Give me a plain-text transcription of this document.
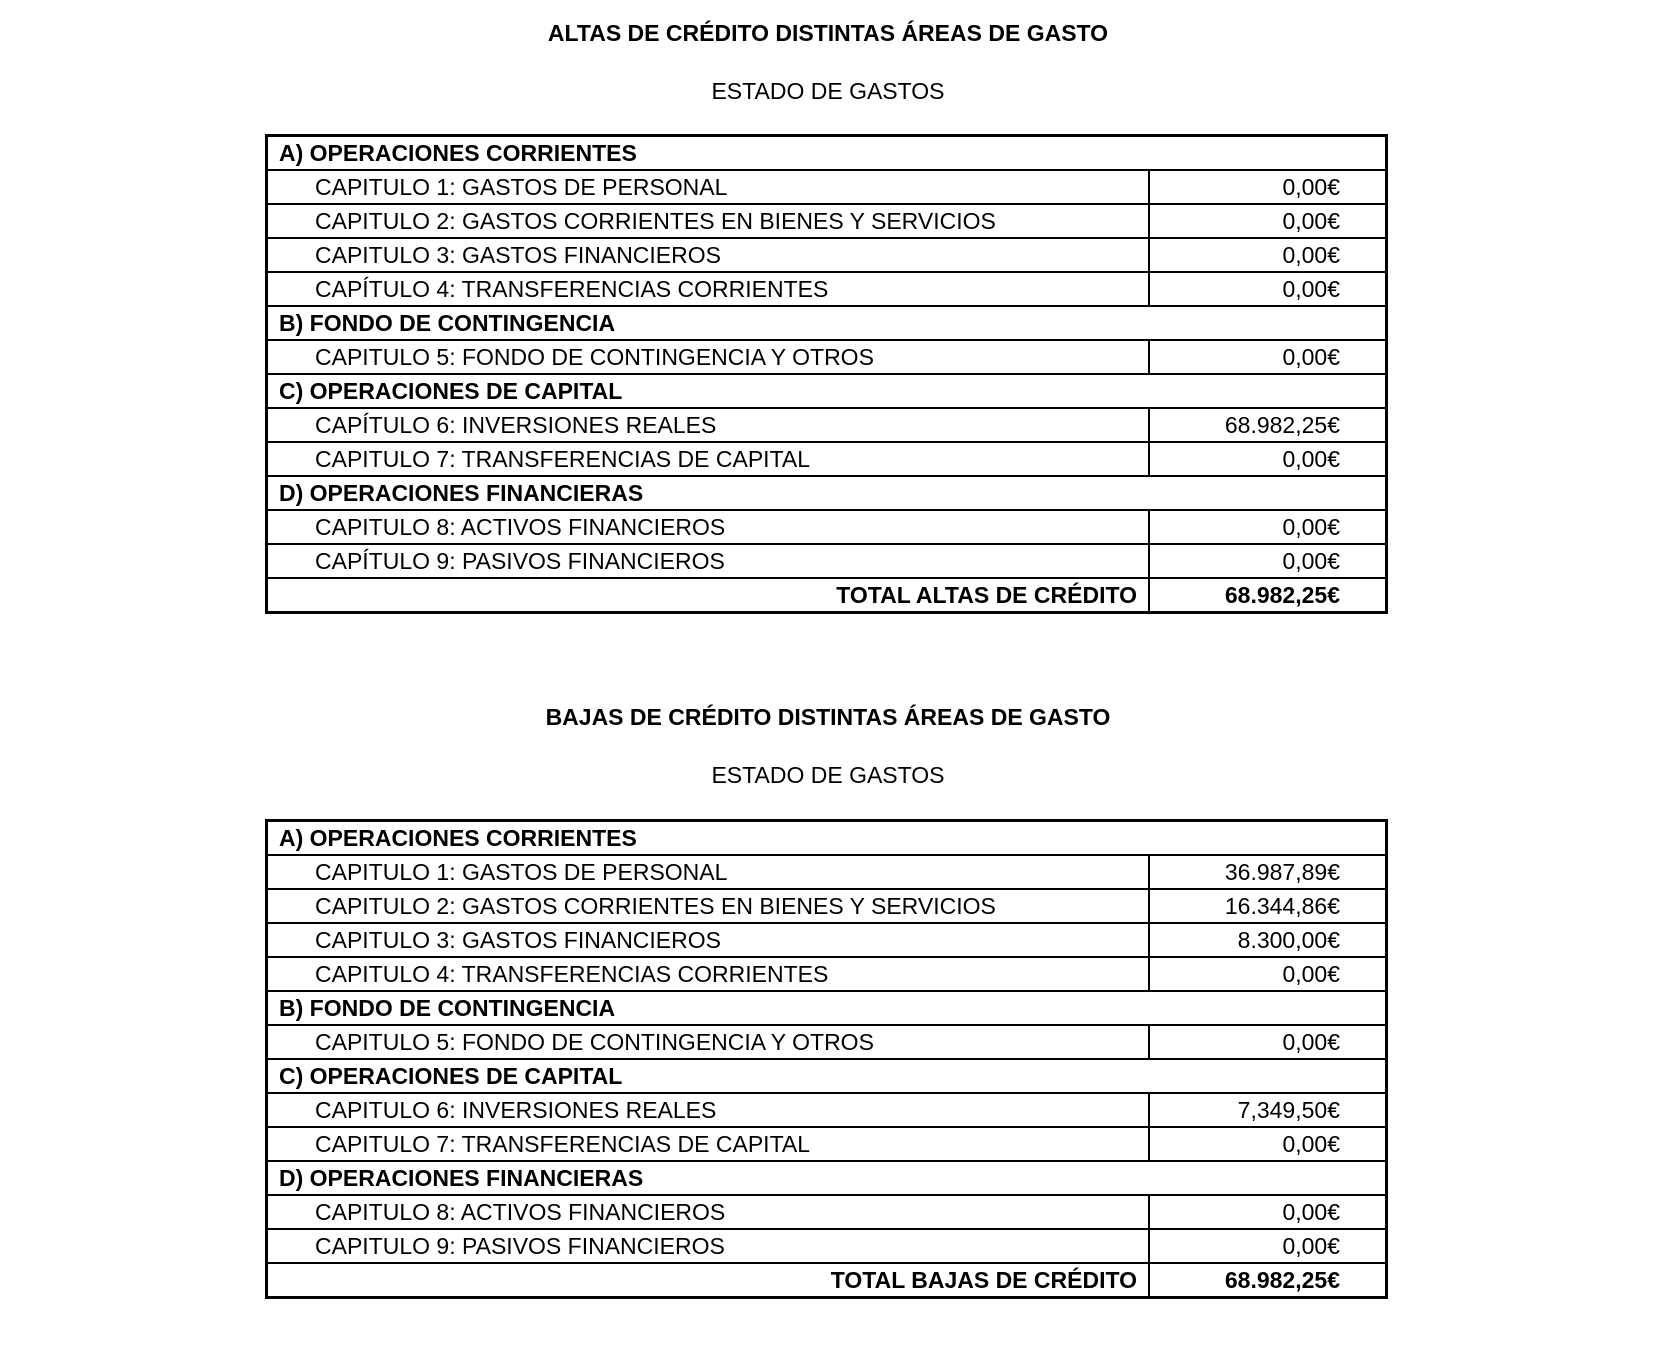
ALTAS DE CRÉDITO DISTINTAS ÁREAS DE GASTO
ESTADO DE GASTOS
A) OPERACIONES CORRIENTES	
CAPITULO 1: GASTOS DE PERSONAL	0,00€
CAPITULO 2: GASTOS CORRIENTES EN BIENES Y SERVICIOS	0,00€
CAPITULO 3: GASTOS FINANCIEROS	0,00€
CAPÍTULO 4: TRANSFERENCIAS CORRIENTES	0,00€
B) FONDO DE CONTINGENCIA	
CAPITULO 5: FONDO DE CONTINGENCIA Y OTROS	0,00€
C) OPERACIONES DE CAPITAL	
CAPÍTULO 6: INVERSIONES REALES	68.982,25€
CAPITULO 7: TRANSFERENCIAS DE CAPITAL	0,00€
D) OPERACIONES FINANCIERAS	
CAPITULO 8: ACTIVOS FINANCIEROS	0,00€
CAPÍTULO 9: PASIVOS FINANCIEROS	0,00€
TOTAL ALTAS DE CRÉDITO	68.982,25€
BAJAS DE CRÉDITO DISTINTAS ÁREAS DE GASTO
ESTADO DE GASTOS
A) OPERACIONES CORRIENTES	
CAPITULO 1: GASTOS DE PERSONAL	36.987,89€
CAPITULO 2: GASTOS CORRIENTES EN BIENES Y SERVICIOS	16.344,86€
CAPITULO 3: GASTOS FINANCIEROS	8.300,00€
CAPITULO 4: TRANSFERENCIAS CORRIENTES	0,00€
B) FONDO DE CONTINGENCIA	
CAPITULO 5: FONDO DE CONTINGENCIA Y OTROS	0,00€
C) OPERACIONES DE CAPITAL	
CAPITULO 6: INVERSIONES REALES	7,349,50€
CAPITULO 7: TRANSFERENCIAS DE CAPITAL	0,00€
D) OPERACIONES FINANCIERAS	
CAPITULO 8: ACTIVOS FINANCIEROS	0,00€
CAPITULO 9: PASIVOS FINANCIEROS	0,00€
TOTAL BAJAS DE CRÉDITO	68.982,25€
